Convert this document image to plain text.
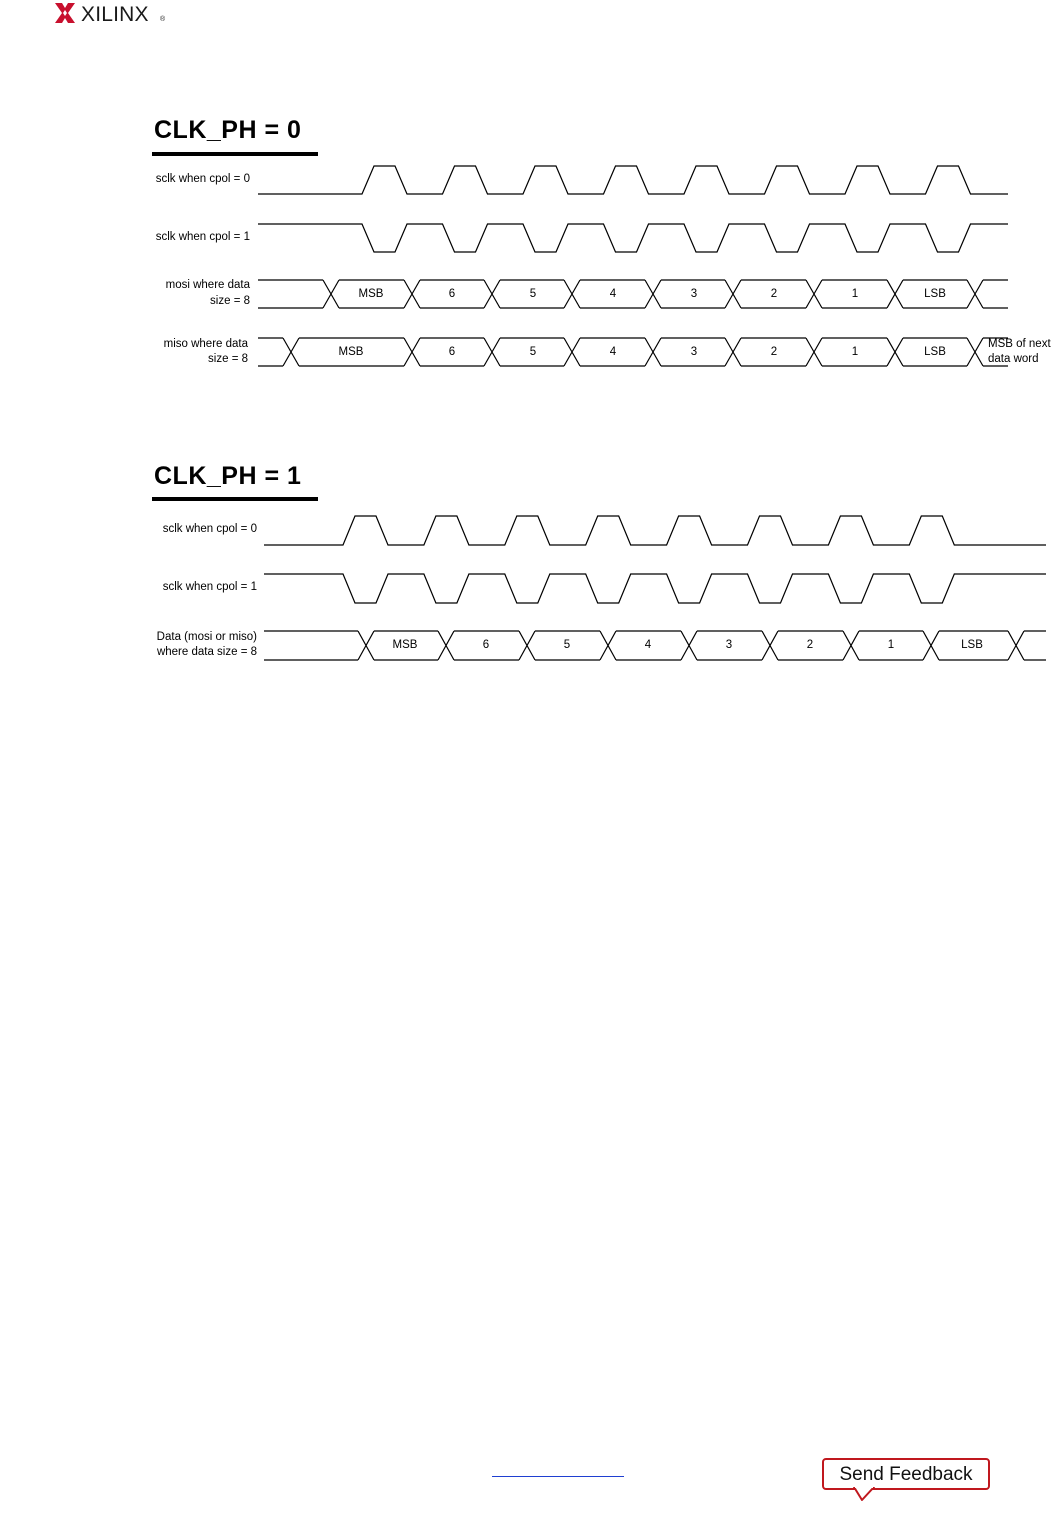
XILINX ®
CLK_PH = 0
CLK_PH = 1
sclk when cpol = 0
sclk when cpol = 1
mosi where data
size = 8
miso where data
size = 8
MSB of next
data word
MSB	6	5	4	3	2	1	LSB
MSB	6	5	4	3	2	1	LSB
sclk when cpol = 0
sclk when cpol = 1
Data (mosi or miso)
where data size = 8
MSB	6	5	4	3	2	1	LSB
Send Feedback
